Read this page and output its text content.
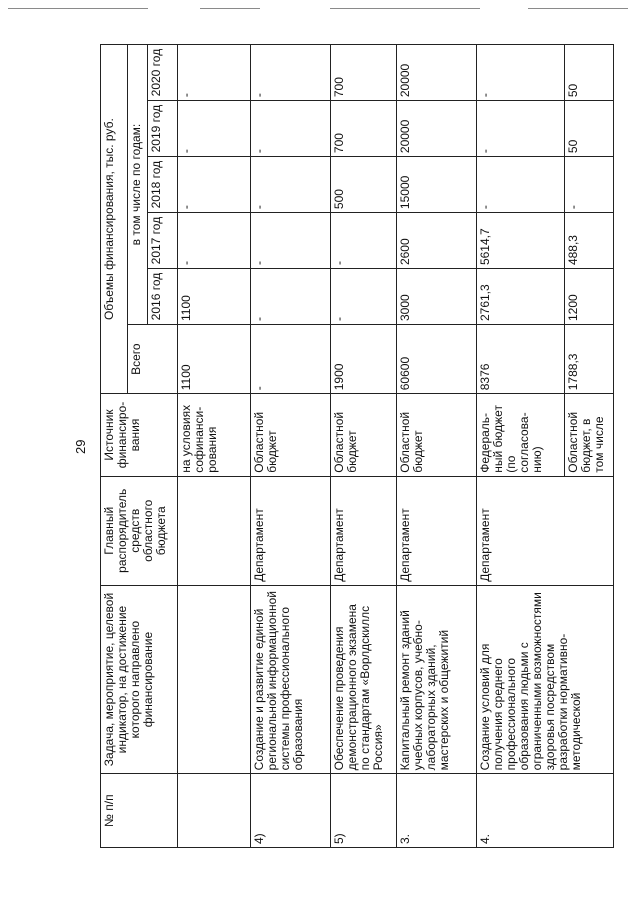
29
№ п/п	Задача, мероприятие, целевой индикатор, на достижение которого направлено финансирование	Главный распорядитель средств областного бюджета	Источник финансиро-вания	Объемы финансирования, тыс. руб.					
				Всего	в том числе по годам:				
					2016 год	2017 год	2018 год	2019 год	2020 год
			на условиях софинанси-рования	1100	1100	-	-	-	-
4)	Создание и развитие единой региональной информационной системы профессионального образования	Департамент	Областной бюджет	-	-	-	-	-	-
5)	Обеспечение проведения демонстрационного экзамена по стандартам «Ворлдскиллс Россия»	Департамент	Областной бюджет	1900	-	-	500	700	700
3.	Капитальный ремонт зданий учебных корпусов, учебно-лабораторных зданий, мастерских и общежитий	Департамент	Областной бюджет	60600	3000	2600	15000	20000	20000
4.	Создание условий для получения среднего профессионального образования людьми с ограниченными возможностями здоровья посредством разработки нормативно-методической	Департамент	Федераль-ный бюджет (по согласова-нию)	8376	2761,3	5614,7	-	-	-
			Областной бюджет, в том числе	1788,3	1200	488,3	-	50	50
